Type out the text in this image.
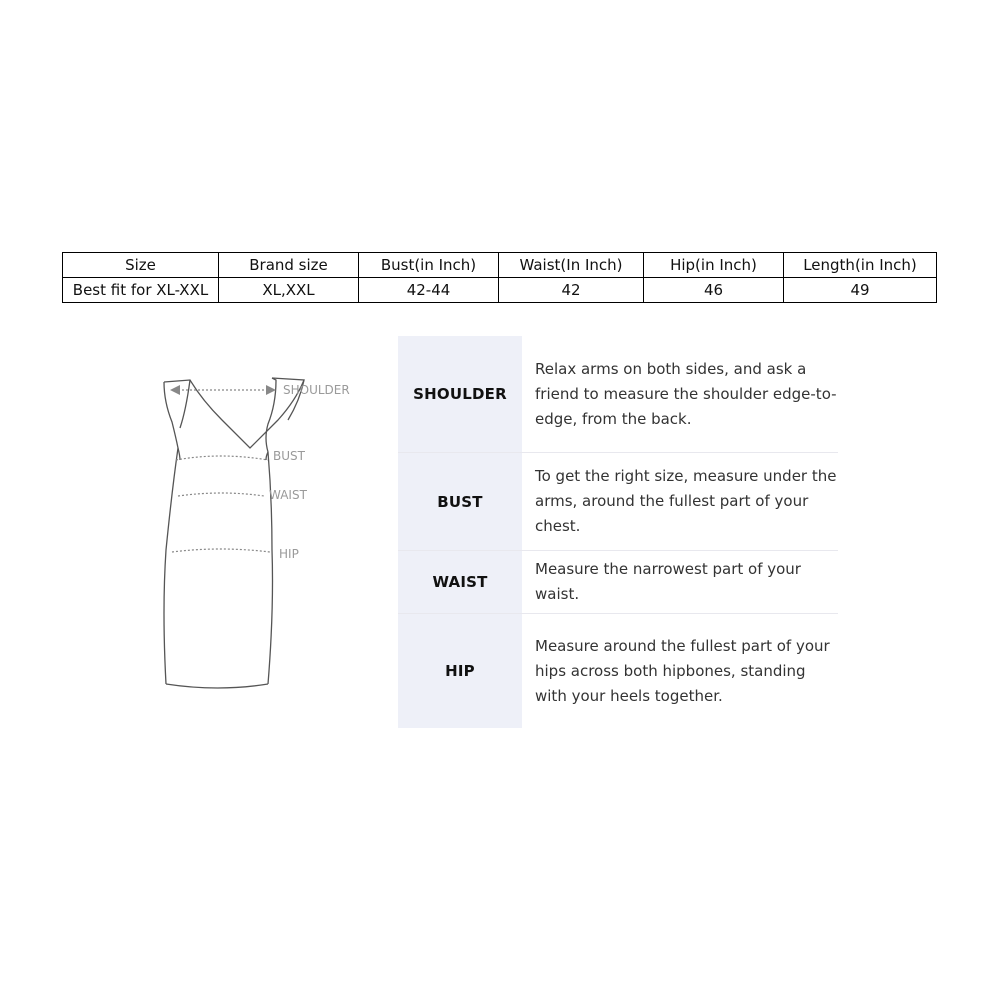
Size	Brand size	Bust(in Inch)	Waist(In Inch)	Hip(in Inch)	Length(in Inch)
Best fit for XL-XXL	XL,XXL	42-44	42	46	49
SHOULDER
BUST
WAIST
HIP
SHOULDER
Relax arms on both sides, and ask a friend to measure the shoulder edge-to-edge, from the back.
BUST
To get the right size, measure under the arms, around the fullest part of your chest.
WAIST
Measure the narrowest part of your waist.
HIP
Measure around the fullest part of your hips across both hipbones, standing with your heels together.
